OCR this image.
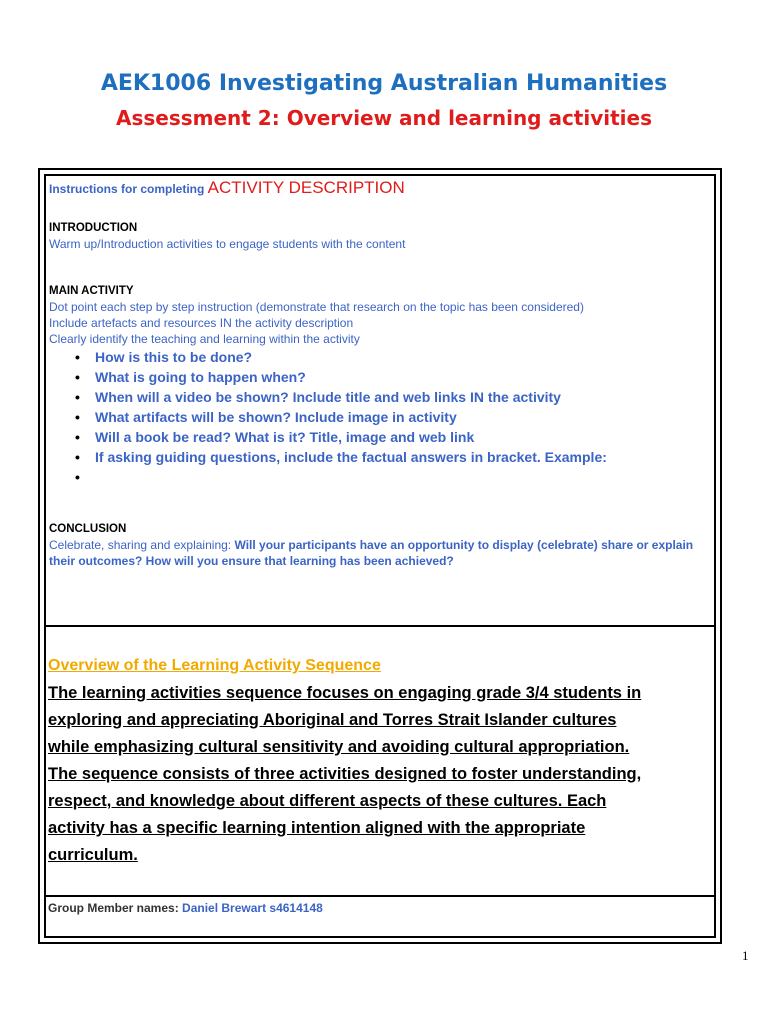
AEK1006 Investigating Australian Humanities
Assessment 2: Overview and learning activities
Instructions for completing ACTIVITY DESCRIPTION

INTRODUCTION

Warm up/Introduction activities to engage students with the content

MAIN ACTIVITY

Dot point each step by step instruction (demonstrate that research on the topic has been considered)

Include artefacts and resources IN the activity description

Clearly identify the teaching and learning within the activity

• How is this to be done?
• What is going to happen when?
• When will a video be shown? Include title and web links IN the activity
• What artifacts will be shown? Include image in activity
• Will a book be read? What is it? Title, image and web link
• If asking guiding questions, include the factual answers in bracket. Example:
•

CONCLUSION

Celebrate, sharing and explaining: Will your participants have an opportunity to display (celebrate) share or explain their outcomes? How will you ensure that learning has been achieved?

Overview of the Learning Activity Sequence

The learning activities sequence focuses on engaging grade 3/4 students in
exploring and appreciating Aboriginal and Torres Strait Islander cultures
while emphasizing cultural sensitivity and avoiding cultural appropriation.
The sequence consists of three activities designed to foster understanding,
respect, and knowledge about different aspects of these cultures. Each
activity has a specific learning intention aligned with the appropriate
curriculum.
Group Member names: Daniel Brewart s4614148
1
